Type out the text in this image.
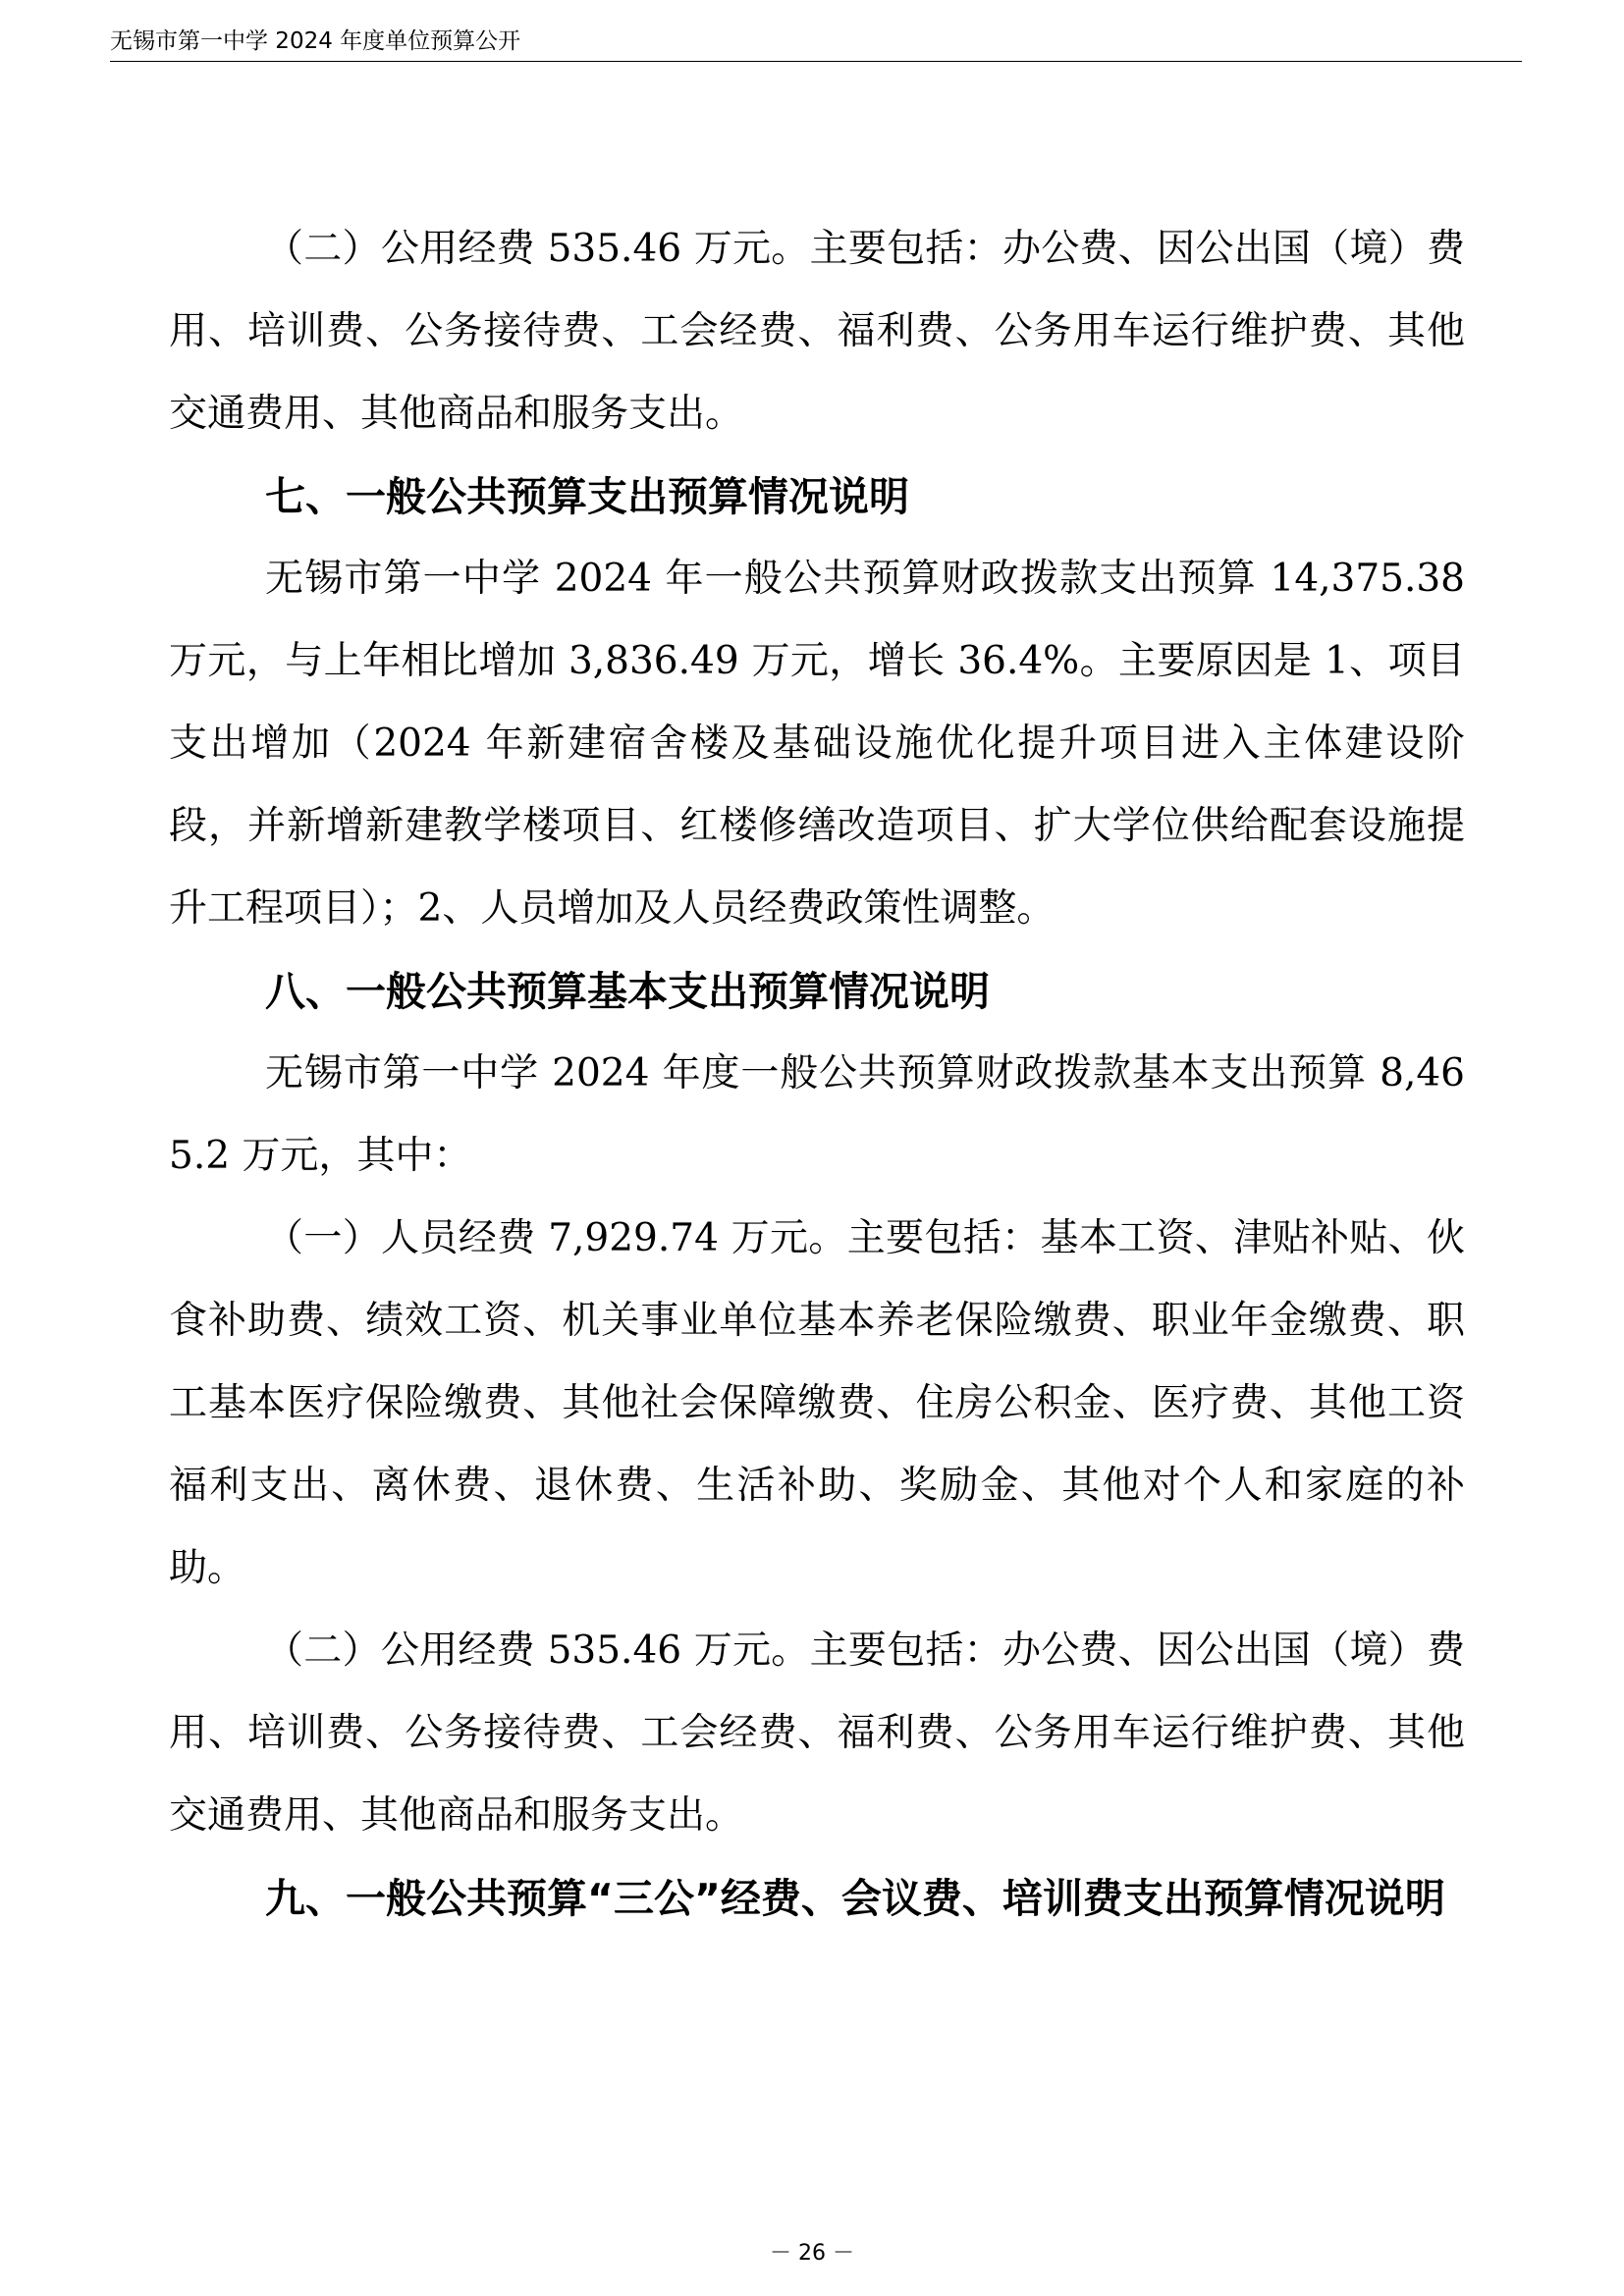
无锡市第一中学 2024 年度单位预算公开

（二）公用经费 535.46 万元。主要包括：办公费、因公出国（境）费用、培训费、公务接待费、工会经费、福利费、公务用车运行维护费、其他交通费用、其他商品和服务支出。

七、一般公共预算支出预算情况说明

无锡市第一中学 2024 年一般公共预算财政拨款支出预算 14,375.38 万元，与上年相比增加 3,836.49 万元，增长 36.4%。主要原因是 1、项目支出增加（2024 年新建宿舍楼及基础设施优化提升项目进入主体建设阶段，并新增新建教学楼项目、红楼修缮改造项目、扩大学位供给配套设施提升工程项目）；2、人员增加及人员经费政策性调整。

八、一般公共预算基本支出预算情况说明

无锡市第一中学 2024 年度一般公共预算财政拨款基本支出预算 8,465.2 万元，其中：

（一）人员经费 7,929.74 万元。主要包括：基本工资、津贴补贴、伙食补助费、绩效工资、机关事业单位基本养老保险缴费、职业年金缴费、职工基本医疗保险缴费、其他社会保障缴费、住房公积金、医疗费、其他工资福利支出、离休费、退休费、生活补助、奖励金、其他对个人和家庭的补助。

（二）公用经费 535.46 万元。主要包括：办公费、因公出国（境）费用、培训费、公务接待费、工会经费、福利费、公务用车运行维护费、其他交通费用、其他商品和服务支出。

九、一般公共预算“三公”经费、会议费、培训费支出预算情况说明

－ 26 －
